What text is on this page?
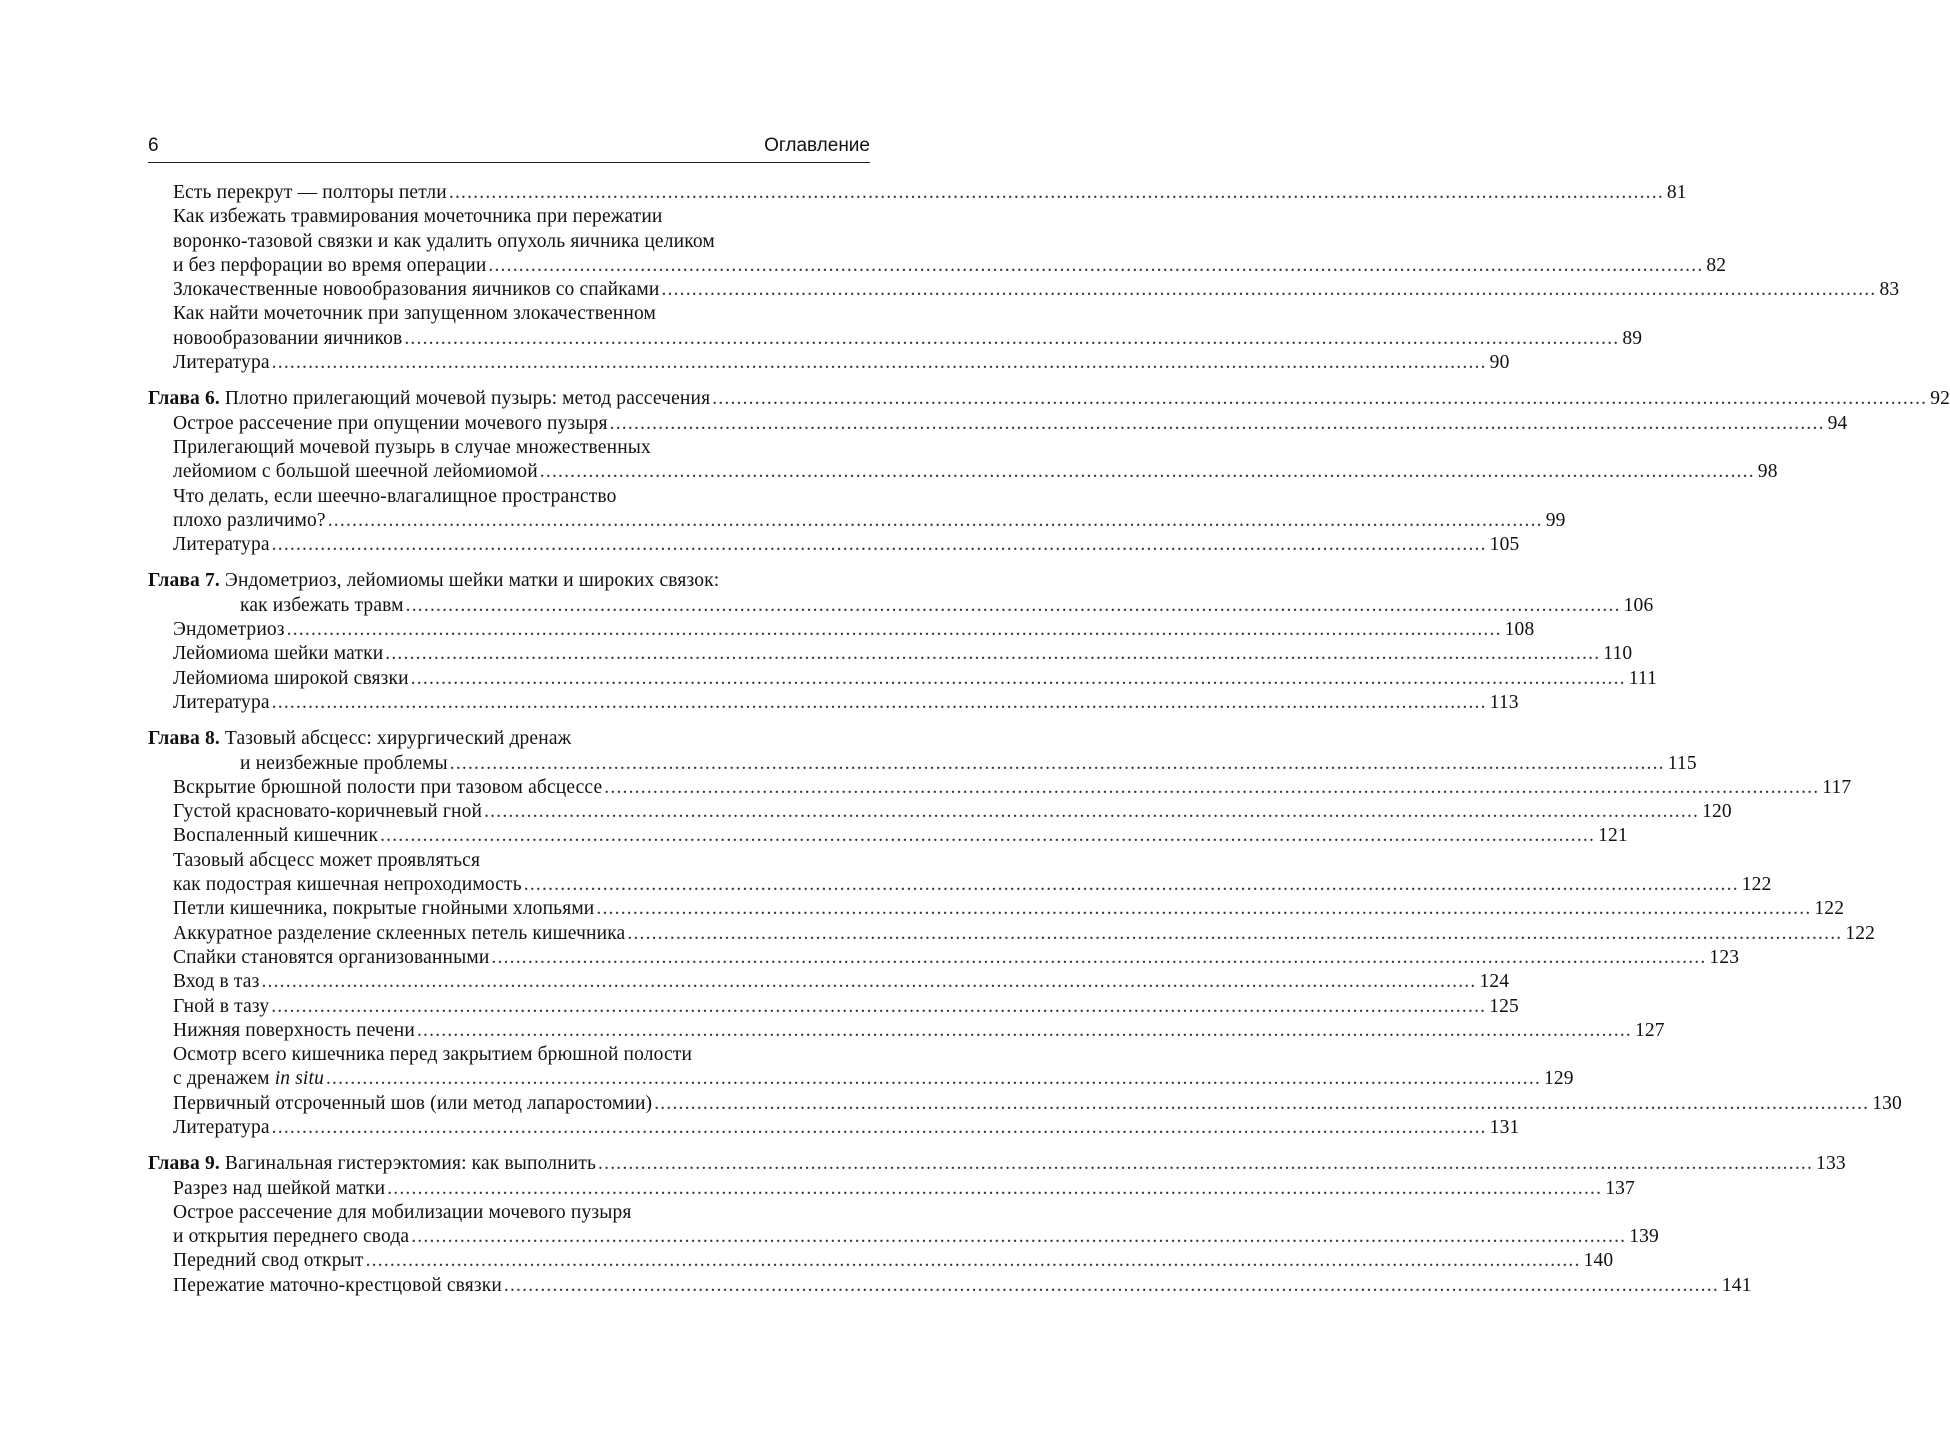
6	Оглавление
Есть перекрут — полторы петли ........................................................................................................................................................................................................ 81
Как избежать травмирования мочеточника при пережатии
воронко-тазовой связки и как удалить опухоль яичника целиком
и без перфорации во время операции ........................................................................................................................................................................................................ 82
Злокачественные новообразования яичников со спайками ........................................................................................................................................................................................................ 83
Как найти мочеточник при запущенном злокачественном
новообразовании яичников ........................................................................................................................................................................................................ 89
Литература ........................................................................................................................................................................................................ 90
Глава 6. Плотно прилегающий мочевой пузырь: метод рассечения ........................................................................................................................................................................................................ 92
Острое рассечение при опущении мочевого пузыря ........................................................................................................................................................................................................ 94
Прилегающий мочевой пузырь в случае множественных
лейомиом с большой шеечной лейомиомой ........................................................................................................................................................................................................ 98
Что делать, если шеечно-влагалищное пространство
плохо различимо? ........................................................................................................................................................................................................ 99
Литература ........................................................................................................................................................................................................ 105
Глава 7. Эндометриоз, лейомиомы шейки матки и широких связок:
как избежать травм ........................................................................................................................................................................................................ 106
Эндометриоз ........................................................................................................................................................................................................ 108
Лейомиома шейки матки ........................................................................................................................................................................................................ 110
Лейомиома широкой связки ........................................................................................................................................................................................................ 111
Литература ........................................................................................................................................................................................................ 113
Глава 8. Тазовый абсцесс: хирургический дренаж
и неизбежные проблемы ........................................................................................................................................................................................................ 115
Вскрытие брюшной полости при тазовом абсцессе ........................................................................................................................................................................................................ 117
Густой красновато-коричневый гной ........................................................................................................................................................................................................ 120
Воспаленный кишечник ........................................................................................................................................................................................................ 121
Тазовый абсцесс может проявляться
как подострая кишечная непроходимость ........................................................................................................................................................................................................ 122
Петли кишечника, покрытые гнойными хлопьями ........................................................................................................................................................................................................ 122
Аккуратное разделение склеенных петель кишечника ........................................................................................................................................................................................................ 122
Спайки становятся организованными ........................................................................................................................................................................................................ 123
Вход в таз ........................................................................................................................................................................................................ 124
Гной в тазу ........................................................................................................................................................................................................ 125
Нижняя поверхность печени ........................................................................................................................................................................................................ 127
Осмотр всего кишечника перед закрытием брюшной полости
с дренажем in situ ........................................................................................................................................................................................................ 129
Первичный отсроченный шов (или метод лапаростомии) ........................................................................................................................................................................................................ 130
Литература ........................................................................................................................................................................................................ 131
Глава 9. Вагинальная гистерэктомия: как выполнить ........................................................................................................................................................................................................ 133
Разрез над шейкой матки ........................................................................................................................................................................................................ 137
Острое рассечение для мобилизации мочевого пузыря
и открытия переднего свода ........................................................................................................................................................................................................ 139
Передний свод открыт ........................................................................................................................................................................................................ 140
Пережатие маточно-крестцовой связки ........................................................................................................................................................................................................ 141
